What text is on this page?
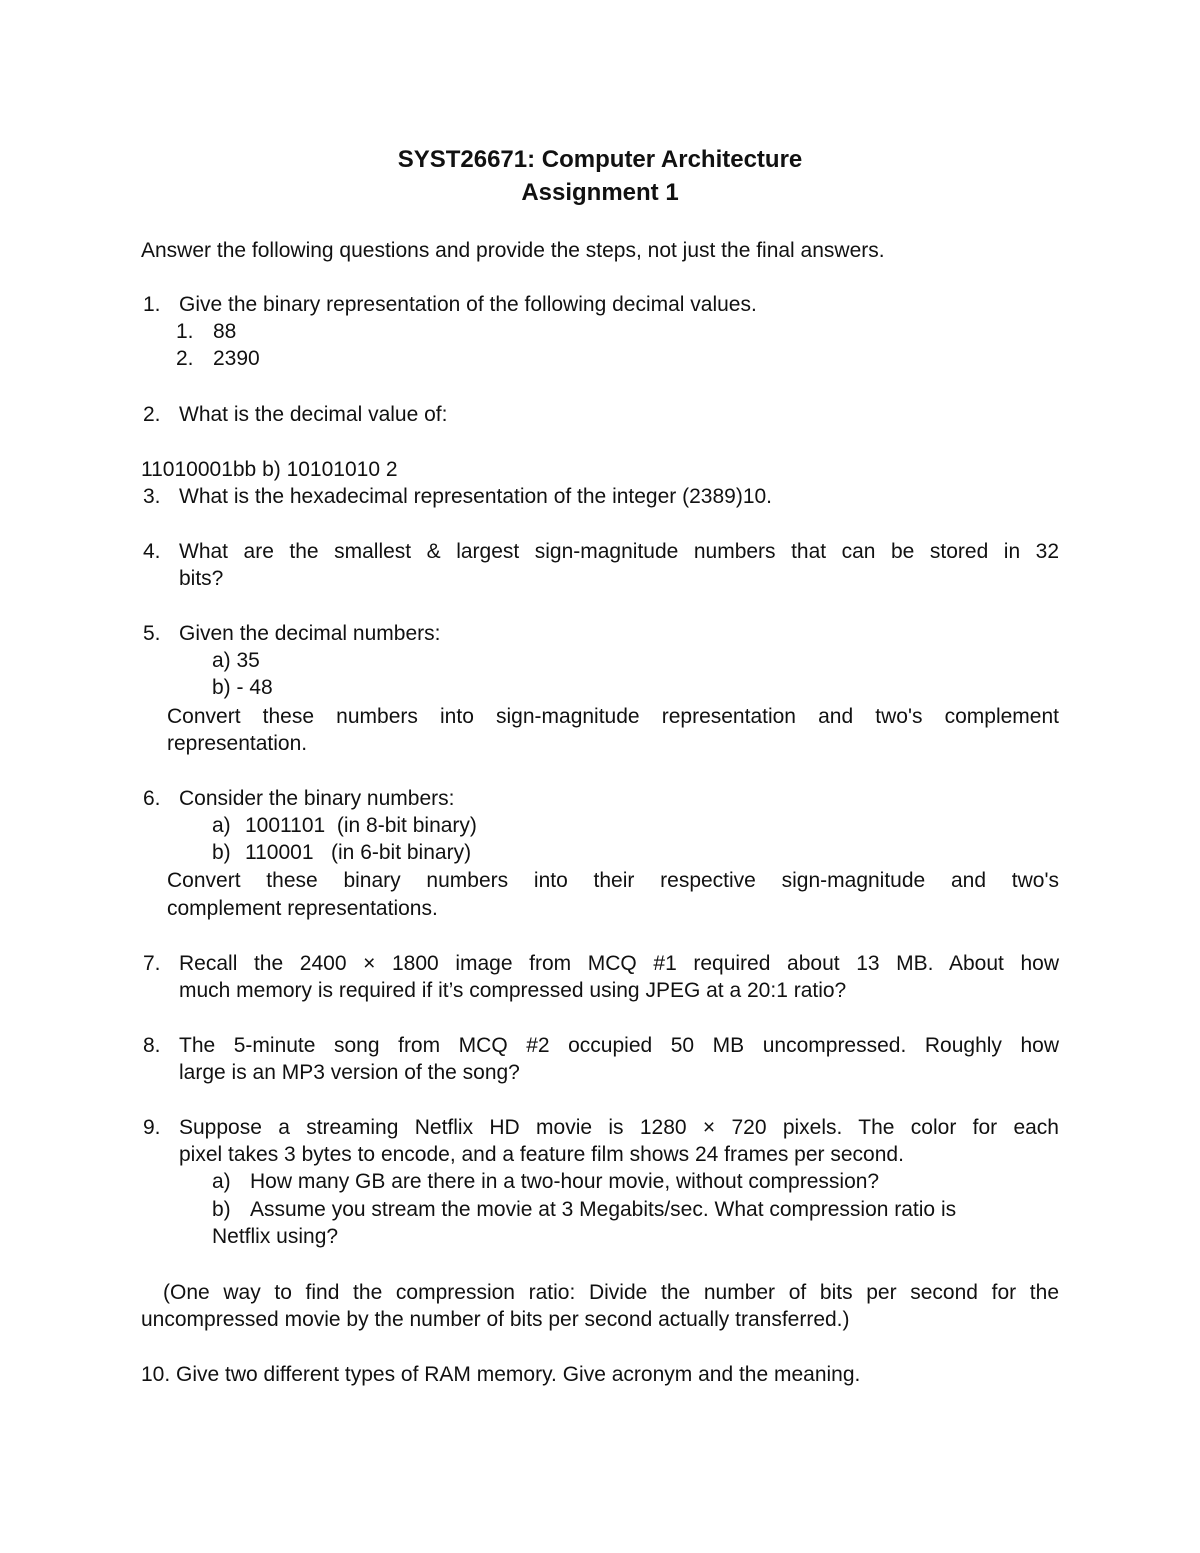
SYST26671: Computer Architecture
Assignment 1

Answer the following questions and provide the steps, not just the final answers.

1. Give the binary representation of the following decimal values.
1. 88
2. 2390
2. What is the decimal value of:
11010001bb b) 10101010 2
3. What is the hexadecimal representation of the integer (2389)10.
4. What are the smallest & largest sign-magnitude numbers that can be stored in 32
bits?
5. Given the decimal numbers:
a) 35
b) - 48
Convert these numbers into sign-magnitude representation and two's complement
representation.
6. Consider the binary numbers:
a) 1001101  (in 8-bit binary)
b) 110001   (in 6-bit binary)
Convert these binary numbers into their respective sign-magnitude and two's
complement representations.
7. Recall the 2400 × 1800 image from MCQ #1 required about 13 MB. About how
much memory is required if it’s compressed using JPEG at a 20:1 ratio?
8. The 5-minute song from MCQ #2 occupied 50 MB uncompressed. Roughly how
large is an MP3 version of the song?
9. Suppose a streaming Netflix HD movie is 1280 × 720 pixels. The color for each
pixel takes 3 bytes to encode, and a feature film shows 24 frames per second.
a) How many GB are there in a two-hour movie, without compression?
b) Assume you stream the movie at 3 Megabits/sec. What compression ratio is
Netflix using?
(One way to find the compression ratio: Divide the number of bits per second for the
uncompressed movie by the number of bits per second actually transferred.)
10. Give two different types of RAM memory. Give acronym and the meaning.
